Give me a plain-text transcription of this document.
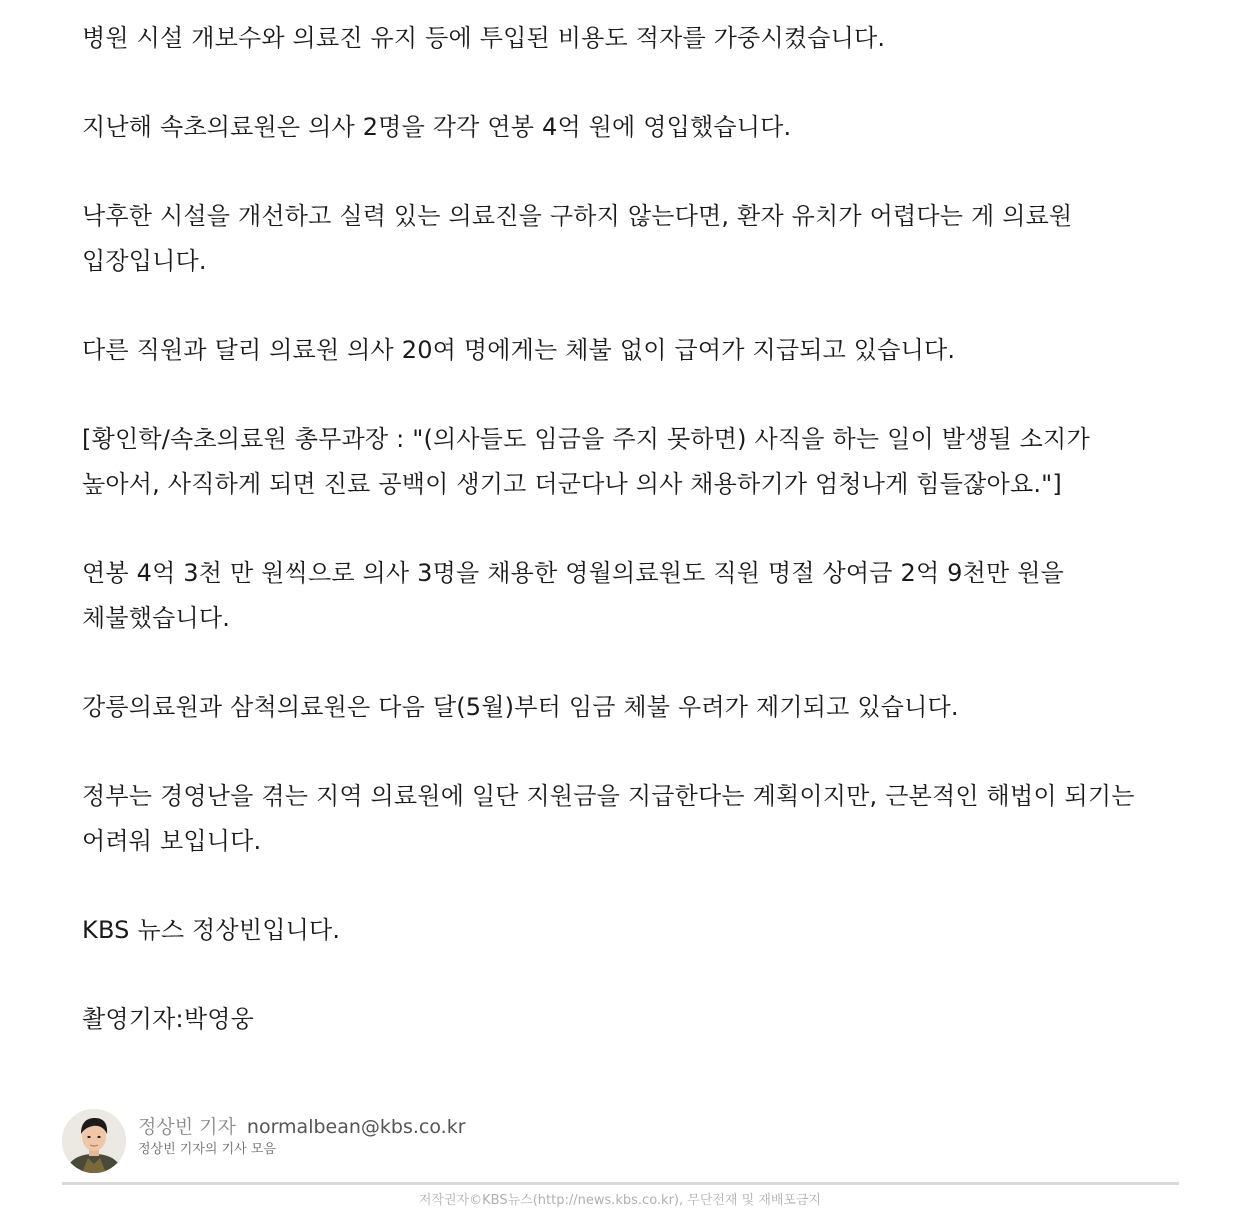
병원 시설 개보수와 의료진 유지 등에 투입된 비용도 적자를 가중시켰습니다.

지난해 속초의료원은 의사 2명을 각각 연봉 4억 원에 영입했습니다.

낙후한 시설을 개선하고 실력 있는 의료진을 구하지 않는다면, 환자 유치가 어렵다는 게 의료원 입장입니다.

다른 직원과 달리 의료원 의사 20여 명에게는 체불 없이 급여가 지급되고 있습니다.

[황인학/속초의료원 총무과장 : "(의사들도 임금을 주지 못하면) 사직을 하는 일이 발생될 소지가 높아서, 사직하게 되면 진료 공백이 생기고 더군다나 의사 채용하기가 엄청나게 힘들잖아요."]

연봉 4억 3천 만 원씩으로 의사 3명을 채용한 영월의료원도 직원 명절 상여금 2억 9천만 원을 체불했습니다.

강릉의료원과 삼척의료원은 다음 달(5월)부터 임금 체불 우려가 제기되고 있습니다.

정부는 경영난을 겪는 지역 의료원에 일단 지원금을 지급한다는 계획이지만, 근본적인 해법이 되기는 어려워 보입니다.

KBS 뉴스 정상빈입니다.

촬영기자:박영웅

정상빈 기자 normalbean@kbs.co.kr
정상빈 기자의 기사 모음
저작권자©KBS뉴스(http://news.kbs.co.kr), 무단전재 및 재배포금지
